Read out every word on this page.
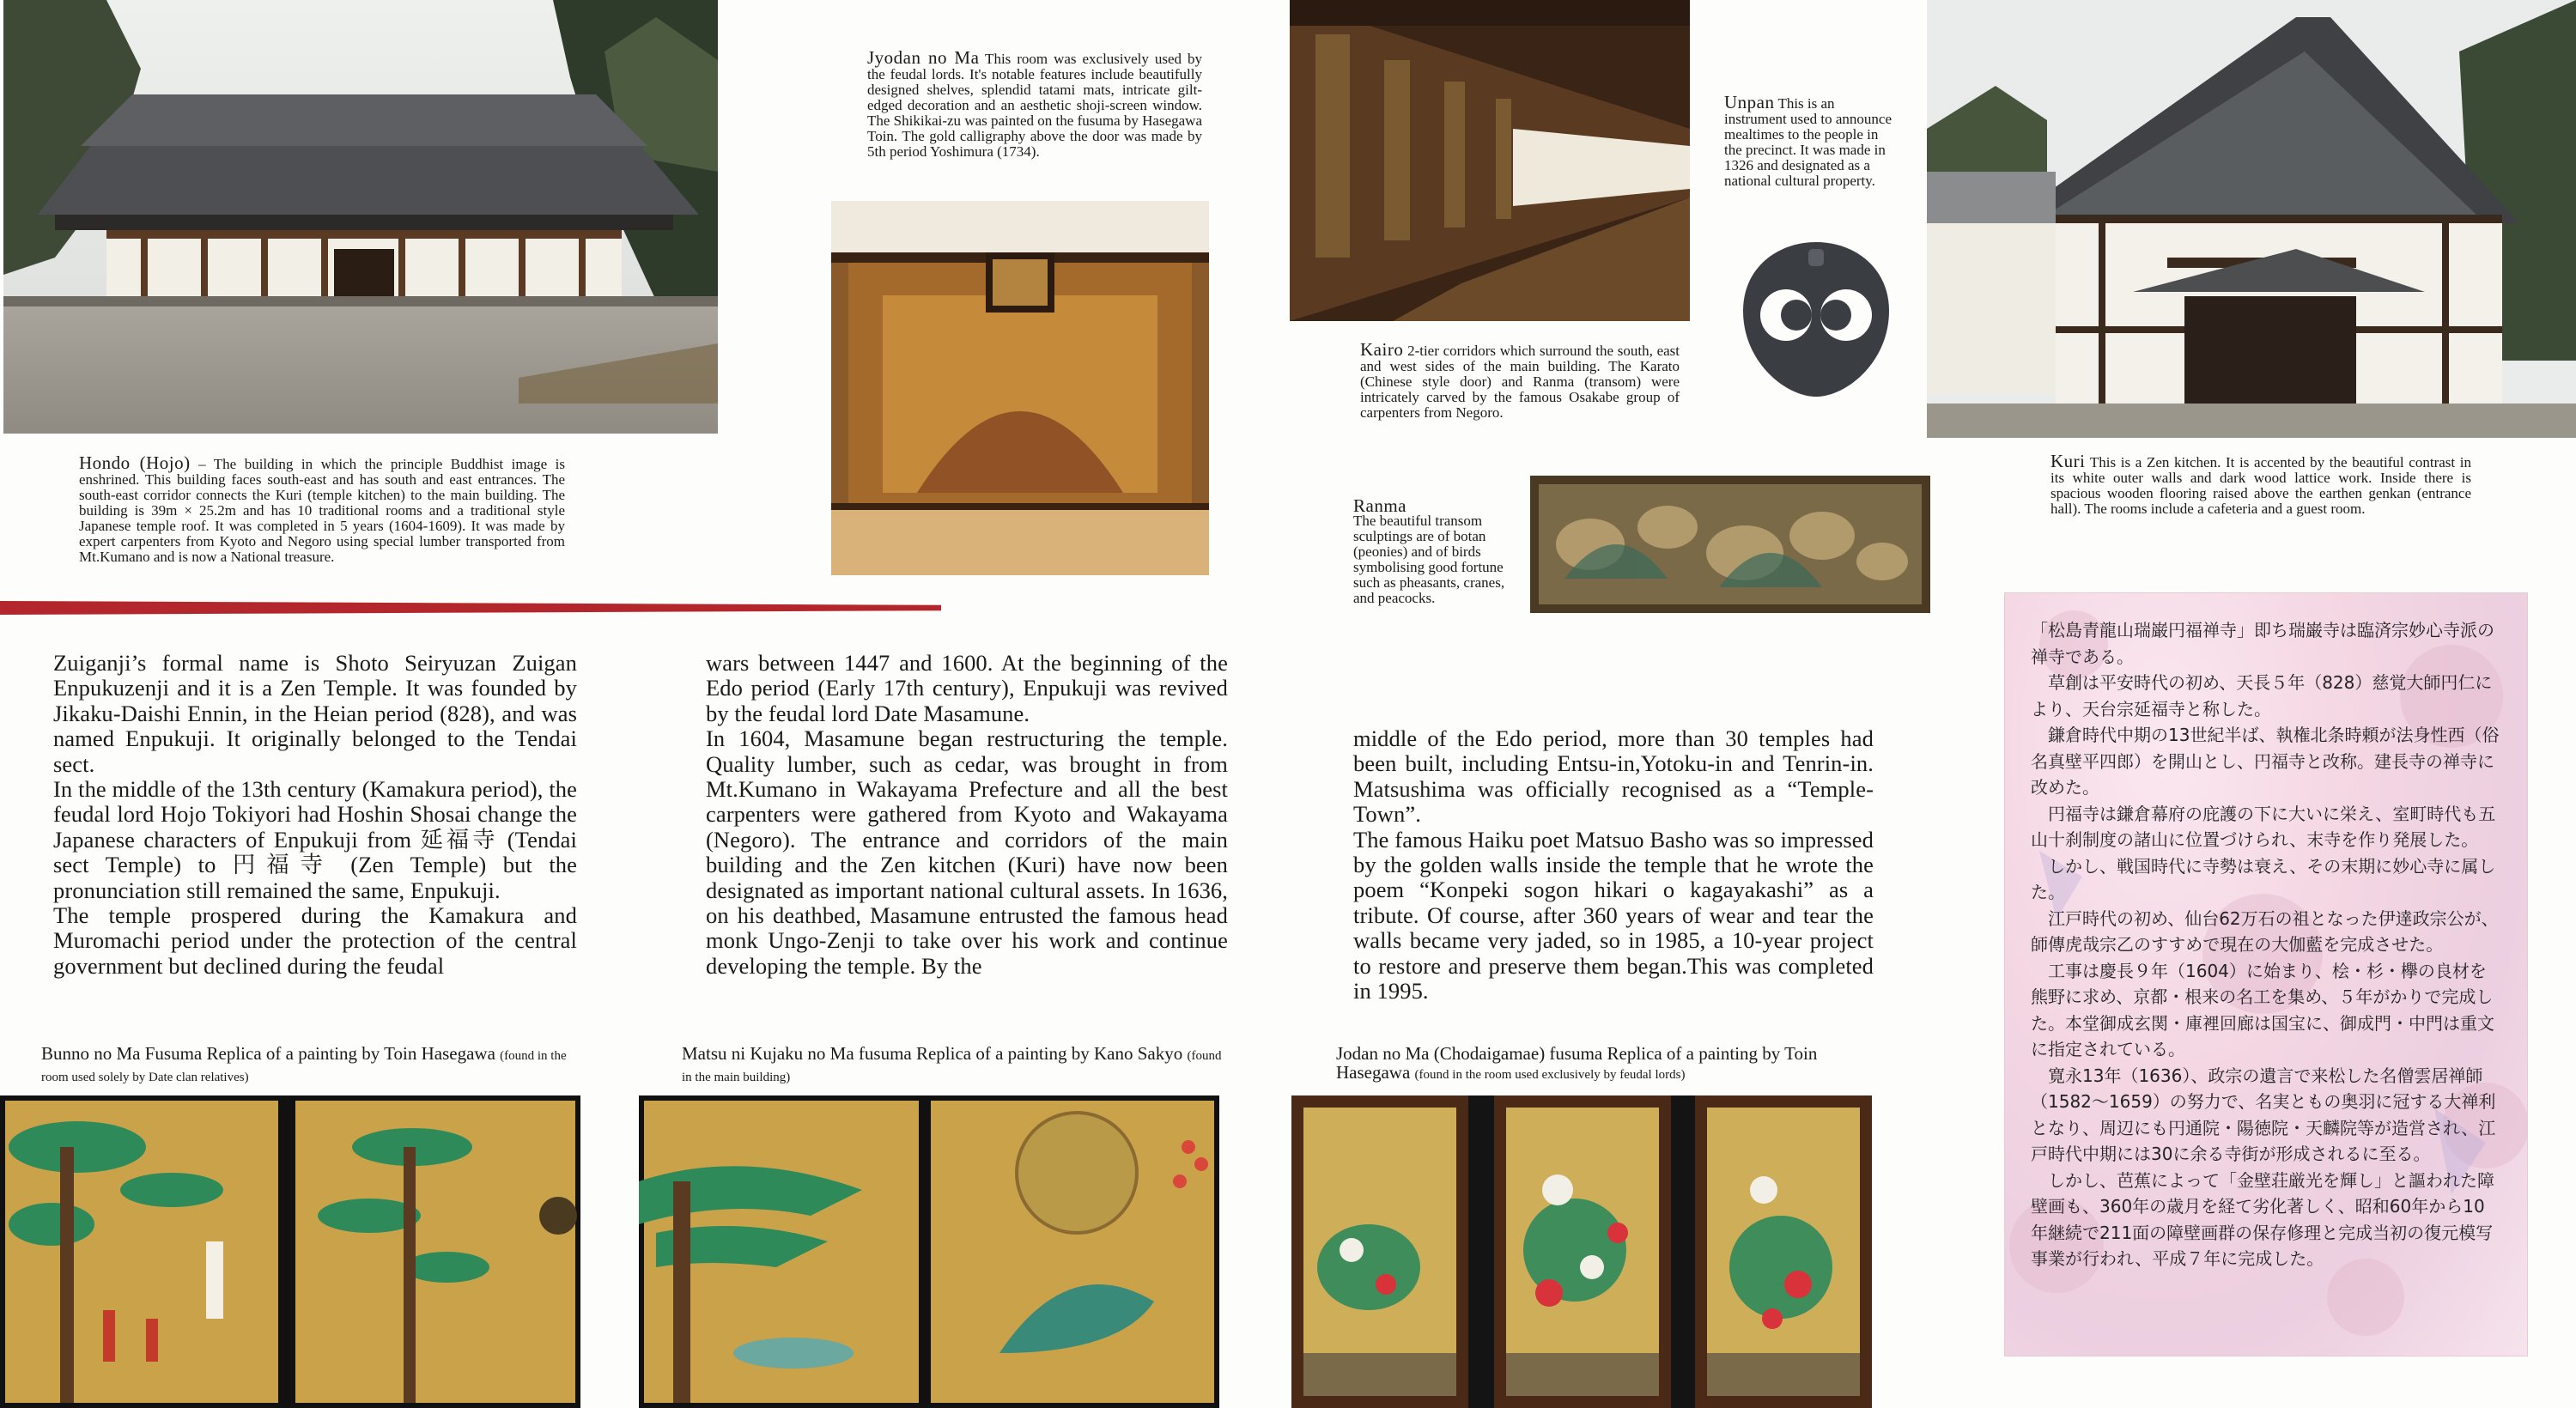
Hondo (Hojo) – The building in which the principle Buddhist image is enshrined. This building faces south-east and has south and east entrances. The south-east corridor connects the Kuri (temple kitchen) to the main building. The building is 39m × 25.2m and has 10 traditional rooms and a traditional style Japanese temple roof. It was completed in 5 years (1604-1609). It was made by expert carpenters from Kyoto and Negoro using special lumber transported from Mt.Kumano and is now a National treasure.
Jyodan no Ma This room was exclusively used by the feudal lords. It's notable features include beautifully designed shelves, splendid tatami mats, intricate gilt-edged decoration and an aesthetic shoji-screen window. The Shikikai-zu was painted on the fusuma by Hasegawa Toin. The gold calligraphy above the door was made by 5th period Yoshimura (1734).
Kairo 2-tier corridors which surround the south, east and west sides of the main building. The Karato (Chinese style door) and Ranma (transom) were intricately carved by the famous Osakabe group of carpenters from Negoro.
Unpan This is an instrument used to announce mealtimes to the people in the precinct. It was made in 1326 and designated as a national cultural property.
Ranma
The beautiful transom sculptings are of botan (peonies) and of birds symbolising good fortune such as pheasants, cranes, and peacocks.
Kuri This is a Zen kitchen. It is accented by the beautiful contrast in its white outer walls and dark wood lattice work. Inside there is spacious wooden flooring raised above the earthen genkan (entrance hall). The rooms include a cafeteria and a guest room.
Zuiganji’s formal name is Shoto Seiryuzan Zuigan Enpukuzenji and it is a Zen Temple. It was founded by Jikaku-Daishi Ennin, in the Heian period (828), and was named Enpukuji. It originally belonged to the Tendai sect.
In the middle of the 13th century (Kamakura period), the feudal lord Hojo Tokiyori had Hoshin Shosai change the Japanese characters of Enpukuji from 延福寺 (Tendai sect Temple) to 円福寺 (Zen Temple) but the pronunciation still remained the same, Enpukuji.
The temple prospered during the Kamakura and Muromachi period under the protection of the central government but declined during the feudal
wars between 1447 and 1600. At the beginning of the Edo period (Early 17th century), Enpukuji was revived by the feudal lord Date Masamune.
In 1604, Masamune began restructuring the temple. Quality lumber, such as cedar, was brought in from Mt.Kumano in Wakayama Prefecture and all the best carpenters were gathered from Kyoto and Wakayama (Negoro). The entrance and corridors of the main building and the Zen kitchen (Kuri) have now been designated as important national cultural assets. In 1636, on his deathbed, Masamune entrusted the famous head monk Ungo-Zenji to take over his work and continue developing the temple. By the
middle of the Edo period, more than 30 temples had been built, including Entsu-in,Yotoku-in and Tenrin-in. Matsushima was officially recognised as a “Temple-Town”.
The famous Haiku poet Matsuo Basho was so impressed by the golden walls inside the temple that he wrote the poem “Konpeki sogon hikari o kagayakashi” as a tribute. Of course, after 360 years of wear and tear the walls became very jaded, so in 1985, a 10-year project to restore and preserve them began.This was completed in 1995.
Bunno no Ma Fusuma Replica of a painting by Toin Hasegawa (found in the room used solely by Date clan relatives)
Matsu ni Kujaku no Ma fusuma Replica of a painting by Kano Sakyo (found in the main building)
Jodan no Ma (Chodaigamae) fusuma Replica of a painting by Toin Hasegawa (found in the room used exclusively by feudal lords)

「松島青龍山瑞巌円福禅寺」即ち瑞巌寺は臨済宗妙心寺派の禅寺である。

　草創は平安時代の初め、天長５年（828）慈覚大師円仁により、天台宗延福寺と称した。

　鎌倉時代中期の13世紀半ば、執権北条時頼が法身性西（俗名真壁平四郎）を開山とし、円福寺と改称。建長寺の禅寺に改めた。

　円福寺は鎌倉幕府の庇護の下に大いに栄え、室町時代も五山十刹制度の諸山に位置づけられ、末寺を作り発展した。

　しかし、戦国時代に寺勢は衰え、その末期に妙心寺に属した。

　江戸時代の初め、仙台62万石の祖となった伊達政宗公が、師傳虎哉宗乙のすすめで現在の大伽藍を完成させた。

　工事は慶長９年（1604）に始まり、桧・杉・欅の良材を熊野に求め、京都・根来の名工を集め、５年がかりで完成した。本堂御成玄関・庫裡回廊は国宝に、御成門・中門は重文に指定されている。

　寛永13年（1636）、政宗の遺言で来松した名僧雲居禅師（1582〜1659）の努力で、名実ともの奥羽に冠する大禅利となり、周辺にも円通院・陽徳院・天麟院等が造営され、江戸時代中期には30に余る寺街が形成されるに至る。

　しかし、芭蕉によって「金壁荘厳光を輝し」と謳われた障壁画も、360年の歳月を経て劣化著しく、昭和60年から10年継続で211面の障壁画群の保存修理と完成当初の復元模写事業が行われ、平成７年に完成した。
